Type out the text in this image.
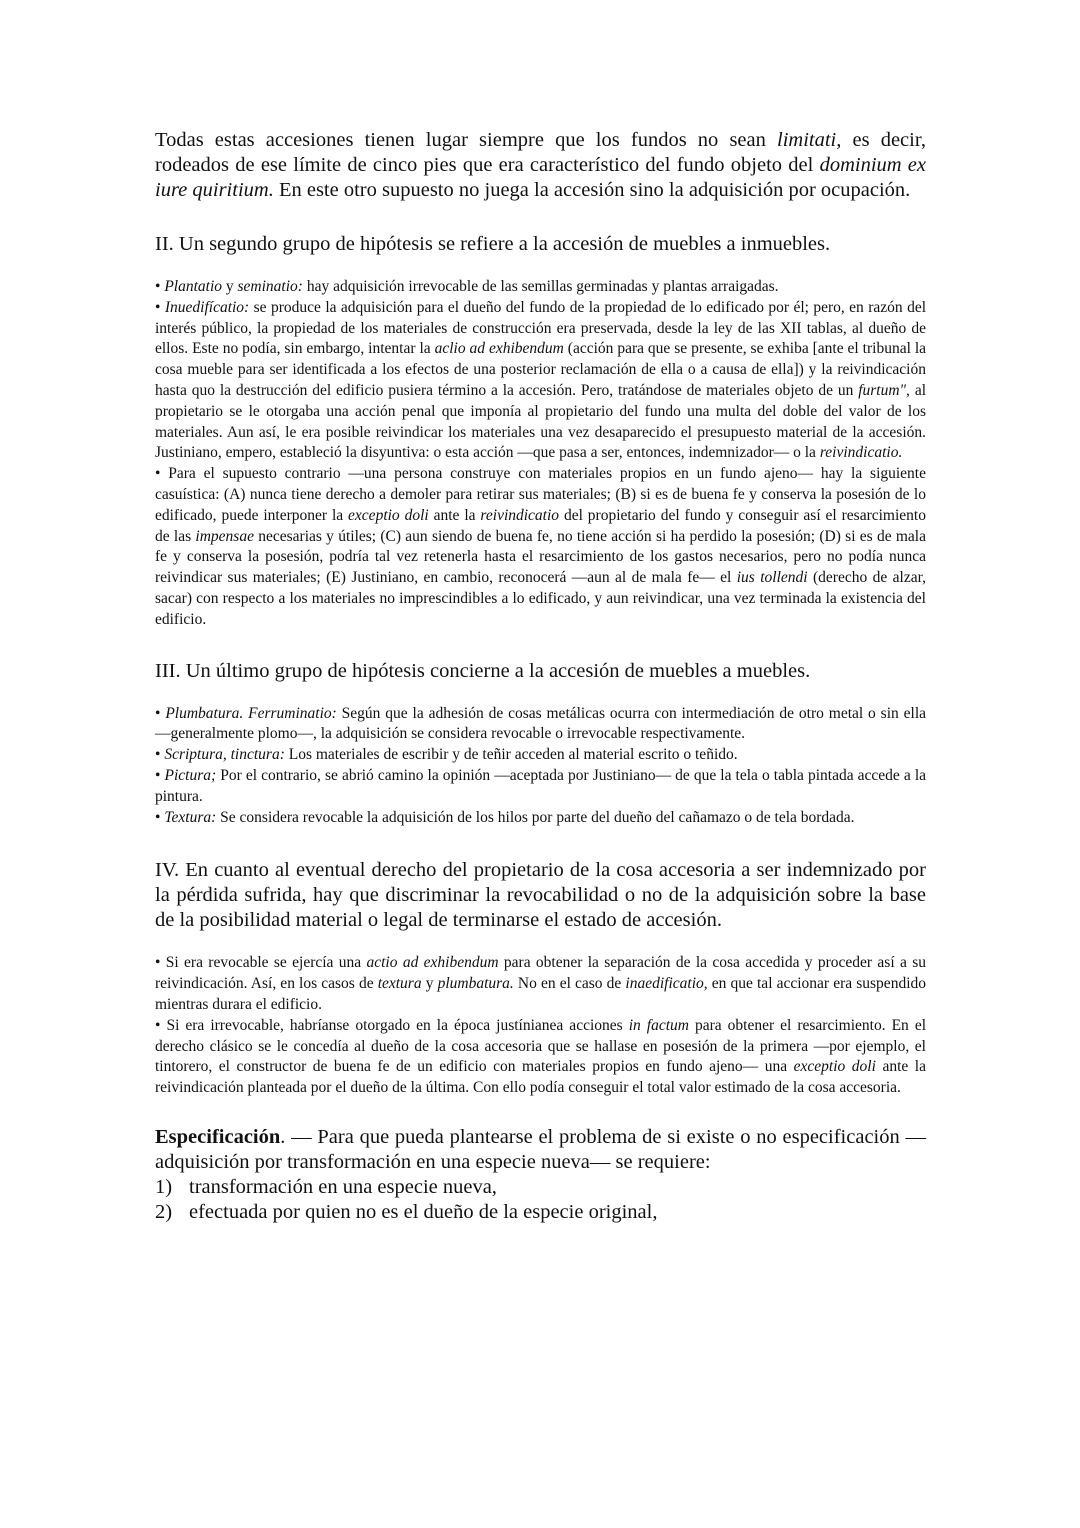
Todas estas accesiones tienen lugar siempre que los fundos no sean limitati, es decir, rodeados de ese límite de cinco pies que era característico del fundo objeto del dominium ex iure quiritium. En este otro supuesto no juega la accesión sino la adquisición por ocupación.

II. Un segundo grupo de hipótesis se refiere a la accesión de muebles a inmuebles.

• Plantatio y seminatio: hay adquisición irrevocable de las semillas germinadas y plantas arraigadas.

• Inuedifícatio: se produce la adquisición para el dueño del fundo de la propiedad de lo edificado por él; pero, en razón del interés público, la propiedad de los materiales de construcción era preservada, desde la ley de las XII tablas, al dueño de ellos. Este no podía, sin embargo, intentar la aclio ad exhibendum (acción para que se presente, se exhiba [ante el tribunal la cosa mueble para ser identificada a los efectos de una posterior reclamación de ella o a causa de ella]) y la reivindicación hasta quo la destrucción del edificio pusiera término a la accesión. Pero, tratándose de materiales objeto de un furtum", al propietario se le otorgaba una acción penal que imponía al propietario del fundo una multa del doble del valor de los materiales. Aun así, le era posible reivindicar los materiales una vez desaparecido el presupuesto material de la accesión. Justiniano, empero, estableció la disyuntiva: o esta acción —que pasa a ser, entonces, indemnizador— o la reivindicatio.

• Para el supuesto contrario —una persona construye con materiales propios en un fundo ajeno— hay la siguiente casuística: (A) nunca tiene derecho a demoler para retirar sus materiales; (B) si es de buena fe y conserva la posesión de lo edificado, puede interponer la exceptio doli ante la reivindicatio del propietario del fundo y conseguir así el resarcimiento de las impensae necesarias y útiles; (C) aun siendo de buena fe, no tiene acción si ha perdido la posesión; (D) si es de mala fe y conserva la posesión, podría tal vez retenerla hasta el resarcimiento de los gastos necesarios, pero no podía nunca reivindicar sus materiales; (E) Justiniano, en cambio, reconocerá —aun al de mala fe— el ius tollendi (derecho de alzar, sacar) con respecto a los materiales no imprescindibles a lo edificado, y aun reivindicar, una vez terminada la existencia del edificio.

III. Un último grupo de hipótesis concierne a la accesión de muebles a muebles.

• Plumbatura. Ferruminatio: Según que la adhesión de cosas metálicas ocurra con intermediación de otro metal o sin ella —generalmente plomo—, la adquisición se considera revocable o irrevocable respectivamente.

• Scriptura, tinctura: Los materiales de escribir y de teñir acceden al material escrito o teñido.

• Pictura; Por el contrario, se abrió camino la opinión —aceptada por Justiniano— de que la tela o tabla pintada accede a la pintura.

• Textura: Se considera revocable la adquisición de los hilos por parte del dueño del cañamazo o de tela bordada.

IV. En cuanto al eventual derecho del propietario de la cosa accesoria a ser indemnizado por la pérdida sufrida, hay que discriminar la revocabilidad o no de la adquisición sobre la base de la posibilidad material o legal de terminarse el estado de accesión.

• Si era revocable se ejercía una actio ad exhibendum para obtener la separación de la cosa accedida y proceder así a su reivindicación. Así, en los casos de textura y plumbatura. No en el caso de inaedificatio, en que tal accionar era suspendido mientras durara el edificio.

• Si era irrevocable, habríanse otorgado en la época justínianea acciones in factum para obtener el resarcimiento. En el derecho clásico se le concedía al dueño de la cosa accesoria que se hallase en posesión de la primera —por ejemplo, el tintorero, el constructor de buena fe de un edificio con materiales propios en fundo ajeno— una exceptio doli ante la reivindicación planteada por el dueño de la última. Con ello podía conseguir el total valor estimado de la cosa accesoria.

Especificación. — Para que pueda plantearse el problema de si existe o no especificación —adquisición por transformación en una especie nueva— se requiere:

1) transformación en una especie nueva,

2) efectuada por quien no es el dueño de la especie original,
